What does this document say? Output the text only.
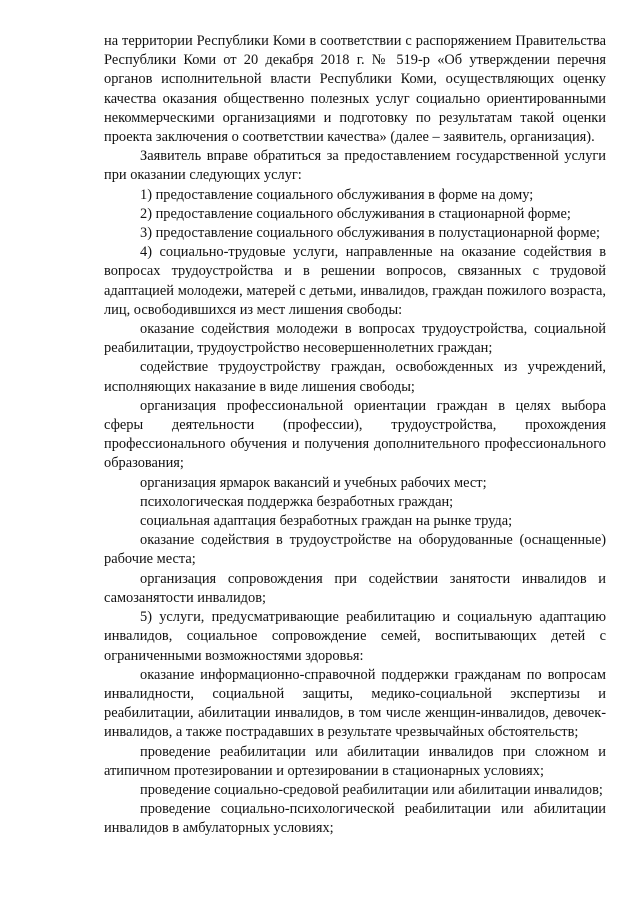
на территории Республики Коми в соответствии с распоряжением Правительства Республики Коми от 20 декабря 2018 г. № 519-р «Об утверждении перечня органов исполнительной власти Республики Коми, осуществляющих оценку качества оказания общественно полезных услуг социально ориентированными некоммерческими организациями и подготовку по результатам такой оценки проекта заключения о соответствии качества» (далее – заявитель, организация).

Заявитель вправе обратиться за предоставлением государственной услуги при оказании следующих услуг:

1) предоставление социального обслуживания в форме на дому;

2) предоставление социального обслуживания в стационарной форме;

3) предоставление социального обслуживания в полустационарной форме;

4) социально-трудовые услуги, направленные на оказание содействия в вопросах трудоустройства и в решении вопросов, связанных с трудовой адаптацией молодежи, матерей с детьми, инвалидов, граждан пожилого возраста, лиц, освободившихся из мест лишения свободы:

оказание содействия молодежи в вопросах трудоустройства, социальной реабилитации, трудоустройство несовершеннолетних граждан;

содействие трудоустройству граждан, освобожденных из учреждений, исполняющих наказание в виде лишения свободы;

организация профессиональной ориентации граждан в целях выбора сферы деятельности (профессии), трудоустройства, прохождения профессионального обучения и получения дополнительного профессионального образования;

организация ярмарок вакансий и учебных рабочих мест;

психологическая поддержка безработных граждан;

социальная адаптация безработных граждан на рынке труда;

оказание содействия в трудоустройстве на оборудованные (оснащенные) рабочие места;

организация сопровождения при содействии занятости инвалидов и самозанятости инвалидов;

5) услуги, предусматривающие реабилитацию и социальную адаптацию инвалидов, социальное сопровождение семей, воспитывающих детей с ограниченными возможностями здоровья:

оказание информационно-справочной поддержки гражданам по вопросам инвалидности, социальной защиты, медико-социальной экспертизы и реабилитации, абилитации инвалидов, в том числе женщин-инвалидов, девочек-инвалидов, а также пострадавших в результате чрезвычайных обстоятельств;

проведение реабилитации или абилитации инвалидов при сложном и атипичном протезировании и ортезировании в стационарных условиях;

проведение социально-средовой реабилитации или абилитации инвалидов;

проведение социально-психологической реабилитации или абилитации инвалидов в амбулаторных условиях;
